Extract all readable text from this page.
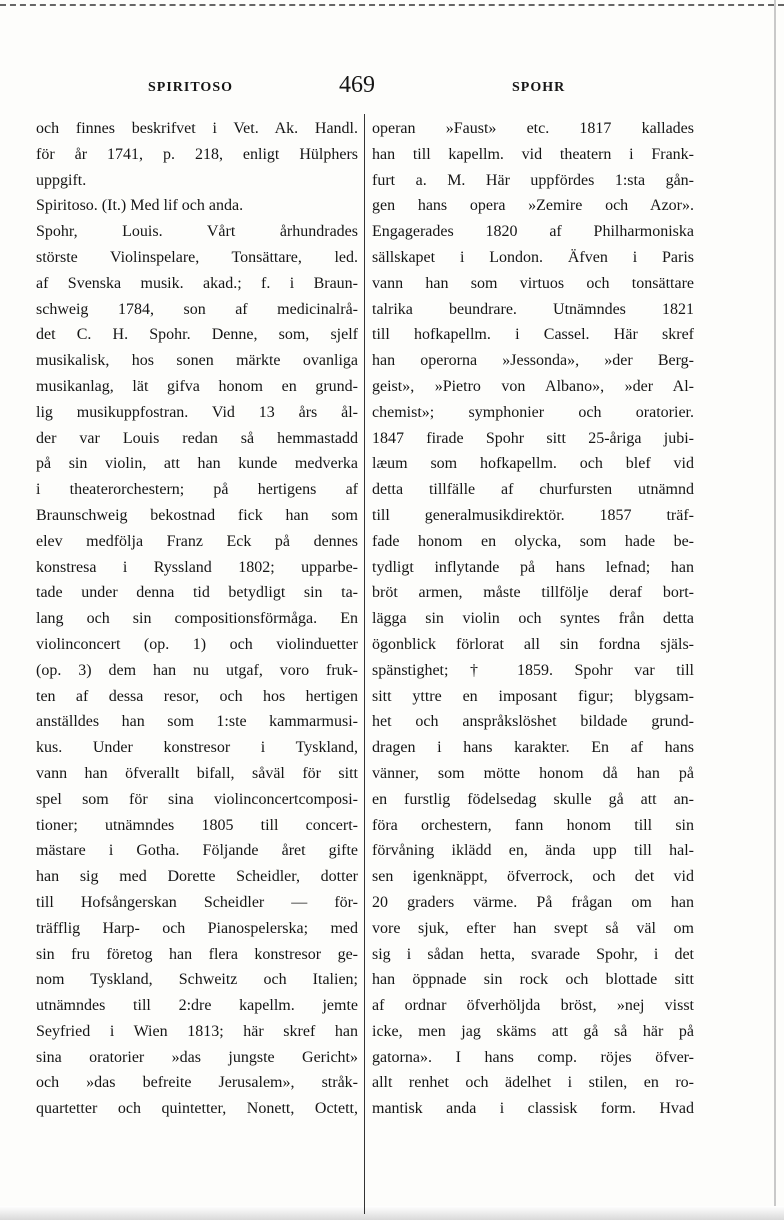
SPIRITOSO	469	SPOHR
och finnes beskrifvet i Vet. Ak. Handl.
för år 1741, p. 218, enligt Hülphers
uppgift.
Spiritoso. (It.) Med lif och anda.
Spohr, Louis. Vårt århundrades
störste Violinspelare, Tonsättare, led.
af Svenska musik. akad.; f. i Braun-
schweig 1784, son af medicinalrå-
det C. H. Spohr. Denne, som, sjelf
musikalisk, hos sonen märkte ovanliga
musikanlag, lät gifva honom en grund-
lig musikuppfostran. Vid 13 års ål-
der var Louis redan så hemmastadd
på sin violin, att han kunde medverka
i theaterorchestern; på hertigens af
Braunschweig bekostnad fick han som
elev medfölja Franz Eck på dennes
konstresa i Ryssland 1802; upparbe-
tade under denna tid betydligt sin ta-
lang och sin compositionsförmåga. En
violinconcert (op. 1) och violinduetter
(op. 3) dem han nu utgaf, voro fruk-
ten af dessa resor, och hos hertigen
anställdes han som 1:ste kammarmusi-
kus. Under konstresor i Tyskland,
vann han öfverallt bifall, såväl för sitt
spel som för sina violinconcertcomposi-
tioner; utnämndes 1805 till concert-
mästare i Gotha. Följande året gifte
han sig med Dorette Scheidler, dotter
till Hofsångerskan Scheidler — för-
träfflig Harp- och Pianospelerska; med
sin fru företog han flera konstresor ge-
nom Tyskland, Schweitz och Italien;
utnämndes till 2:dre kapellm. jemte
Seyfried i Wien 1813; här skref han
sina oratorier »das jungste Gericht»
och »das befreite Jerusalem», stråk-
quartetter och quintetter, Nonett, Octett,
operan »Faust» etc. 1817 kallades
han till kapellm. vid theatern i Frank-
furt a. M. Här uppfördes 1:sta gån-
gen hans opera »Zemire och Azor».
Engagerades 1820 af Philharmoniska
sällskapet i London. Äfven i Paris
vann han som virtuos och tonsättare
talrika beundrare. Utnämndes 1821
till hofkapellm. i Cassel. Här skref
han operorna »Jessonda», »der Berg-
geist», »Pietro von Albano», »der Al-
chemist»; symphonier och oratorier.
1847 firade Spohr sitt 25-åriga jubi-
læum som hofkapellm. och blef vid
detta tillfälle af churfursten utnämnd
till generalmusikdirektör. 1857 träf-
fade honom en olycka, som hade be-
tydligt inflytande på hans lefnad; han
bröt armen, måste tillfölje deraf bort-
lägga sin violin och syntes från detta
ögonblick förlorat all sin fordna själs-
spänstighet; † 1859. Spohr var till
sitt yttre en imposant figur; blygsam-
het och anspråkslöshet bildade grund-
dragen i hans karakter. En af hans
vänner, som mötte honom då han på
en furstlig födelsedag skulle gå att an-
föra orchestern, fann honom till sin
förvåning iklädd en, ända upp till hal-
sen igenknäppt, öfverrock, och det vid
20 graders värme. På frågan om han
vore sjuk, efter han svept så väl om
sig i sådan hetta, svarade Spohr, i det
han öppnade sin rock och blottade sitt
af ordnar öfverhöljda bröst, »nej visst
icke, men jag skäms att gå så här på
gatorna». I hans comp. röjes öfver-
allt renhet och ädelhet i stilen, en ro-
mantisk anda i classisk form. Hvad
